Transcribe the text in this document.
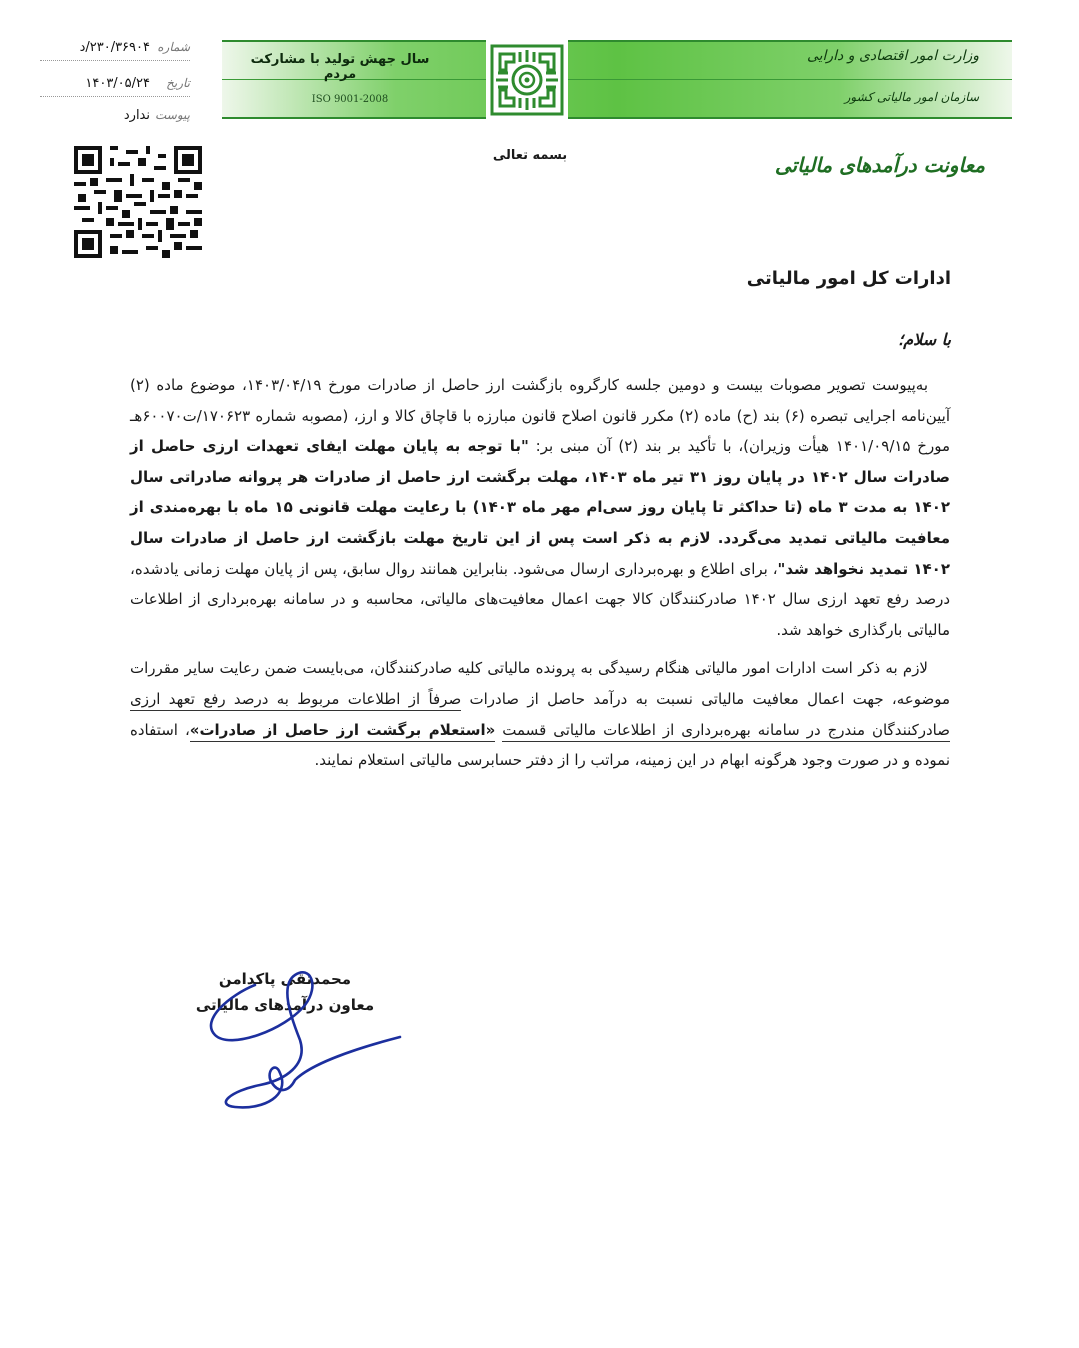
سال جهش تولید با مشارکت مردم
ISO 9001-2008
وزارت امور اقتصادی و دارایی
سازمان امور مالیاتی کشور
شماره
۲۳۰/۳۶۹۰۴/د
تاریخ
۱۴۰۳/۰۵/۲۴
پیوست
ندارد
بسمه تعالی	معاونت درآمدهای مالیاتی
ادارات کل امور مالیاتی
با سلام؛

به‌پیوست تصویر مصوبات بیست و دومین جلسه کارگروه بازگشت ارز حاصل از صادرات مورخ ۱۴۰۳/۰۴/۱۹، موضوع ماده (۲) آیین‌نامه اجرایی تبصره (۶) بند (ح) ماده (۲) مکرر قانون اصلاح قانون مبارزه با قاچاق کالا و ارز، (مصوبه شماره ۱۷۰۶۲۳/ت۶۰۰۷۰هـ مورخ ۱۴۰۱/۰۹/۱۵ هیأت وزیران)، با تأکید بر بند (۲) آن مبنی بر: "با توجه به پایان مهلت ایفای تعهدات ارزی حاصل از صادرات سال ۱۴۰۲ در پایان روز ۳۱ تیر ماه ۱۴۰۳، مهلت برگشت ارز حاصل از صادرات هر پروانه صادراتی سال ۱۴۰۲ به مدت ۳ ماه (تا حداکثر تا پایان روز سی‌ام مهر ماه ۱۴۰۳) با رعایت مهلت قانونی ۱۵ ماه با بهره‌مندی از معافیت مالیاتی تمدید می‌گردد. لازم به ذکر است پس از این تاریخ مهلت بازگشت ارز حاصل از صادرات سال ۱۴۰۲ تمدید نخواهد شد"، برای اطلاع و بهره‌برداری ارسال می‌شود. بنابراین همانند روال سابق، پس از پایان مهلت زمانی یادشده، درصد رفع تعهد ارزی سال ۱۴۰۲ صادرکنندگان کالا جهت اعمال معافیت‌های مالیاتی، محاسبه و در سامانه بهره‌برداری از اطلاعات مالیاتی بارگذاری خواهد شد.

لازم به ذکر است ادارات امور مالیاتی هنگام رسیدگی به پرونده مالیاتی کلیه صادرکنندگان، می‌بایست ضمن رعایت سایر مقررات موضوعه، جهت اعمال معافیت مالیاتی نسبت به درآمد حاصل از صادرات صرفاً از اطلاعات مربوط به درصد رفع تعهد ارزی صادرکنندگان مندرج در سامانه بهره‌برداری از اطلاعات مالیاتی قسمت «استعلام برگشت ارز حاصل از صادرات»، استفاده نموده و در صورت وجود هرگونه ابهام در این زمینه، مراتب را از دفتر حسابرسی مالیاتی استعلام نمایند.

محمدتقی پاکدامن
معاون درآمدهای مالیاتی
